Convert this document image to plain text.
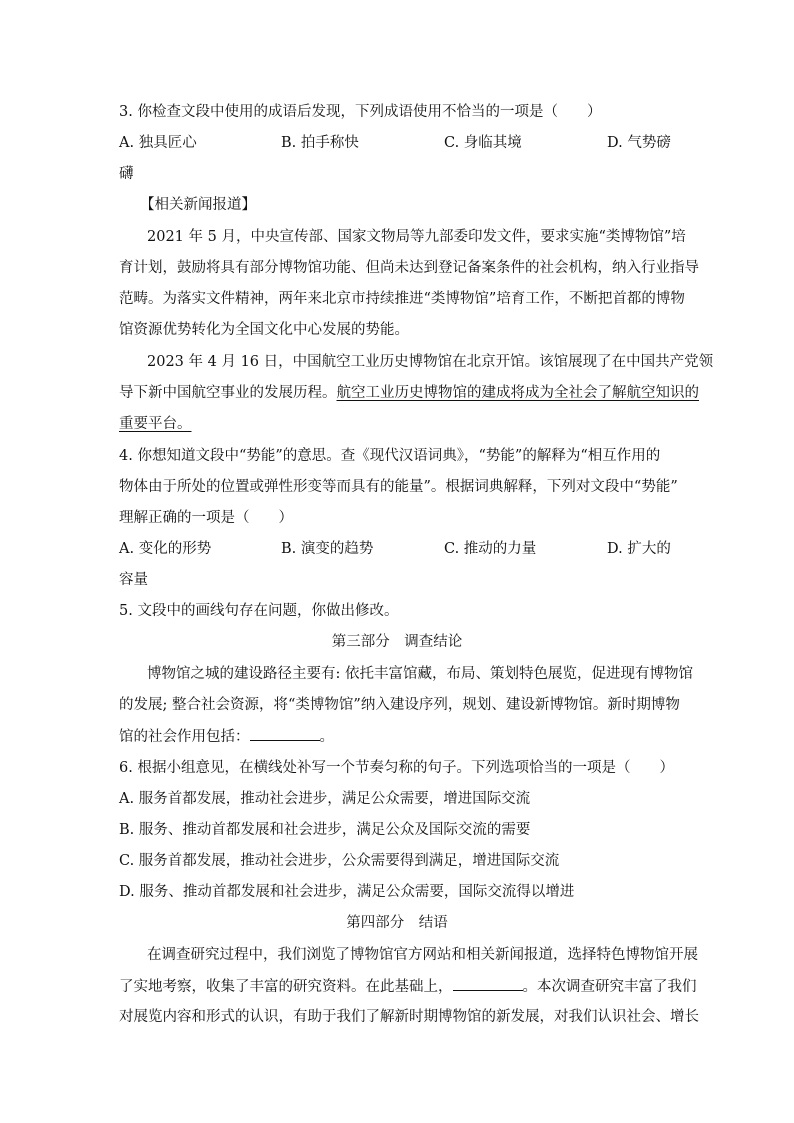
3. 你检查文段中使用的成语后发现，下列成语使用不恰当的一项是（　　）
A. 独具匠心	B. 拍手称快	C. 身临其境	D. 气势磅
礴
【相关新闻报道】
2021 年 5 月，中央宣传部、国家文物局等九部委印发文件，要求实施“类博物馆”培
育计划，鼓励将具有部分博物馆功能、但尚未达到登记备案条件的社会机构，纳入行业指导
范畴。为落实文件精神，两年来北京市持续推进“类博物馆”培育工作，不断把首都的博物
馆资源优势转化为全国文化中心发展的势能。
2023 年 4 月 16 日，中国航空工业历史博物馆在北京开馆。该馆展现了在中国共产党领
导下新中国航空事业的发展历程。航空工业历史博物馆的建成将成为全社会了解航空知识的
重要平台。
4. 你想知道文段中“势能”的意思。查《现代汉语词典》，“势能”的解释为“相互作用的
物体由于所处的位置或弹性形变等而具有的能量”。根据词典解释，下列对文段中“势能”
理解正确的一项是（　　）
A. 变化的形势	B. 演变的趋势	C. 推动的力量	D. 扩大的
容量
5. 文段中的画线句存在问题，你做出修改。
第三部分　调查结论
博物馆之城的建设路径主要有: 依托丰富馆藏，布局、策划特色展览，促进现有博物馆
的发展; 整合社会资源，将“类博物馆”纳入建设序列，规划、建设新博物馆。新时期博物
馆的社会作用包括：	。
6. 根据小组意见，在横线处补写一个节奏匀称的句子。下列选项恰当的一项是（　　）
A. 服务首都发展，推动社会进步，满足公众需要，增进国际交流
B. 服务、推动首都发展和社会进步，满足公众及国际交流的需要
C. 服务首都发展，推动社会进步，公众需要得到满足，增进国际交流
D. 服务、推动首都发展和社会进步，满足公众需要，国际交流得以增进
第四部分　结语
在调查研究过程中，我们浏览了博物馆官方网站和相关新闻报道，选择特色博物馆开展
了实地考察，收集了丰富的研究资料。在此基础上，	。本次调查研究丰富了我们
对展览内容和形式的认识，有助于我们了解新时期博物馆的新发展，对我们认识社会、增长
